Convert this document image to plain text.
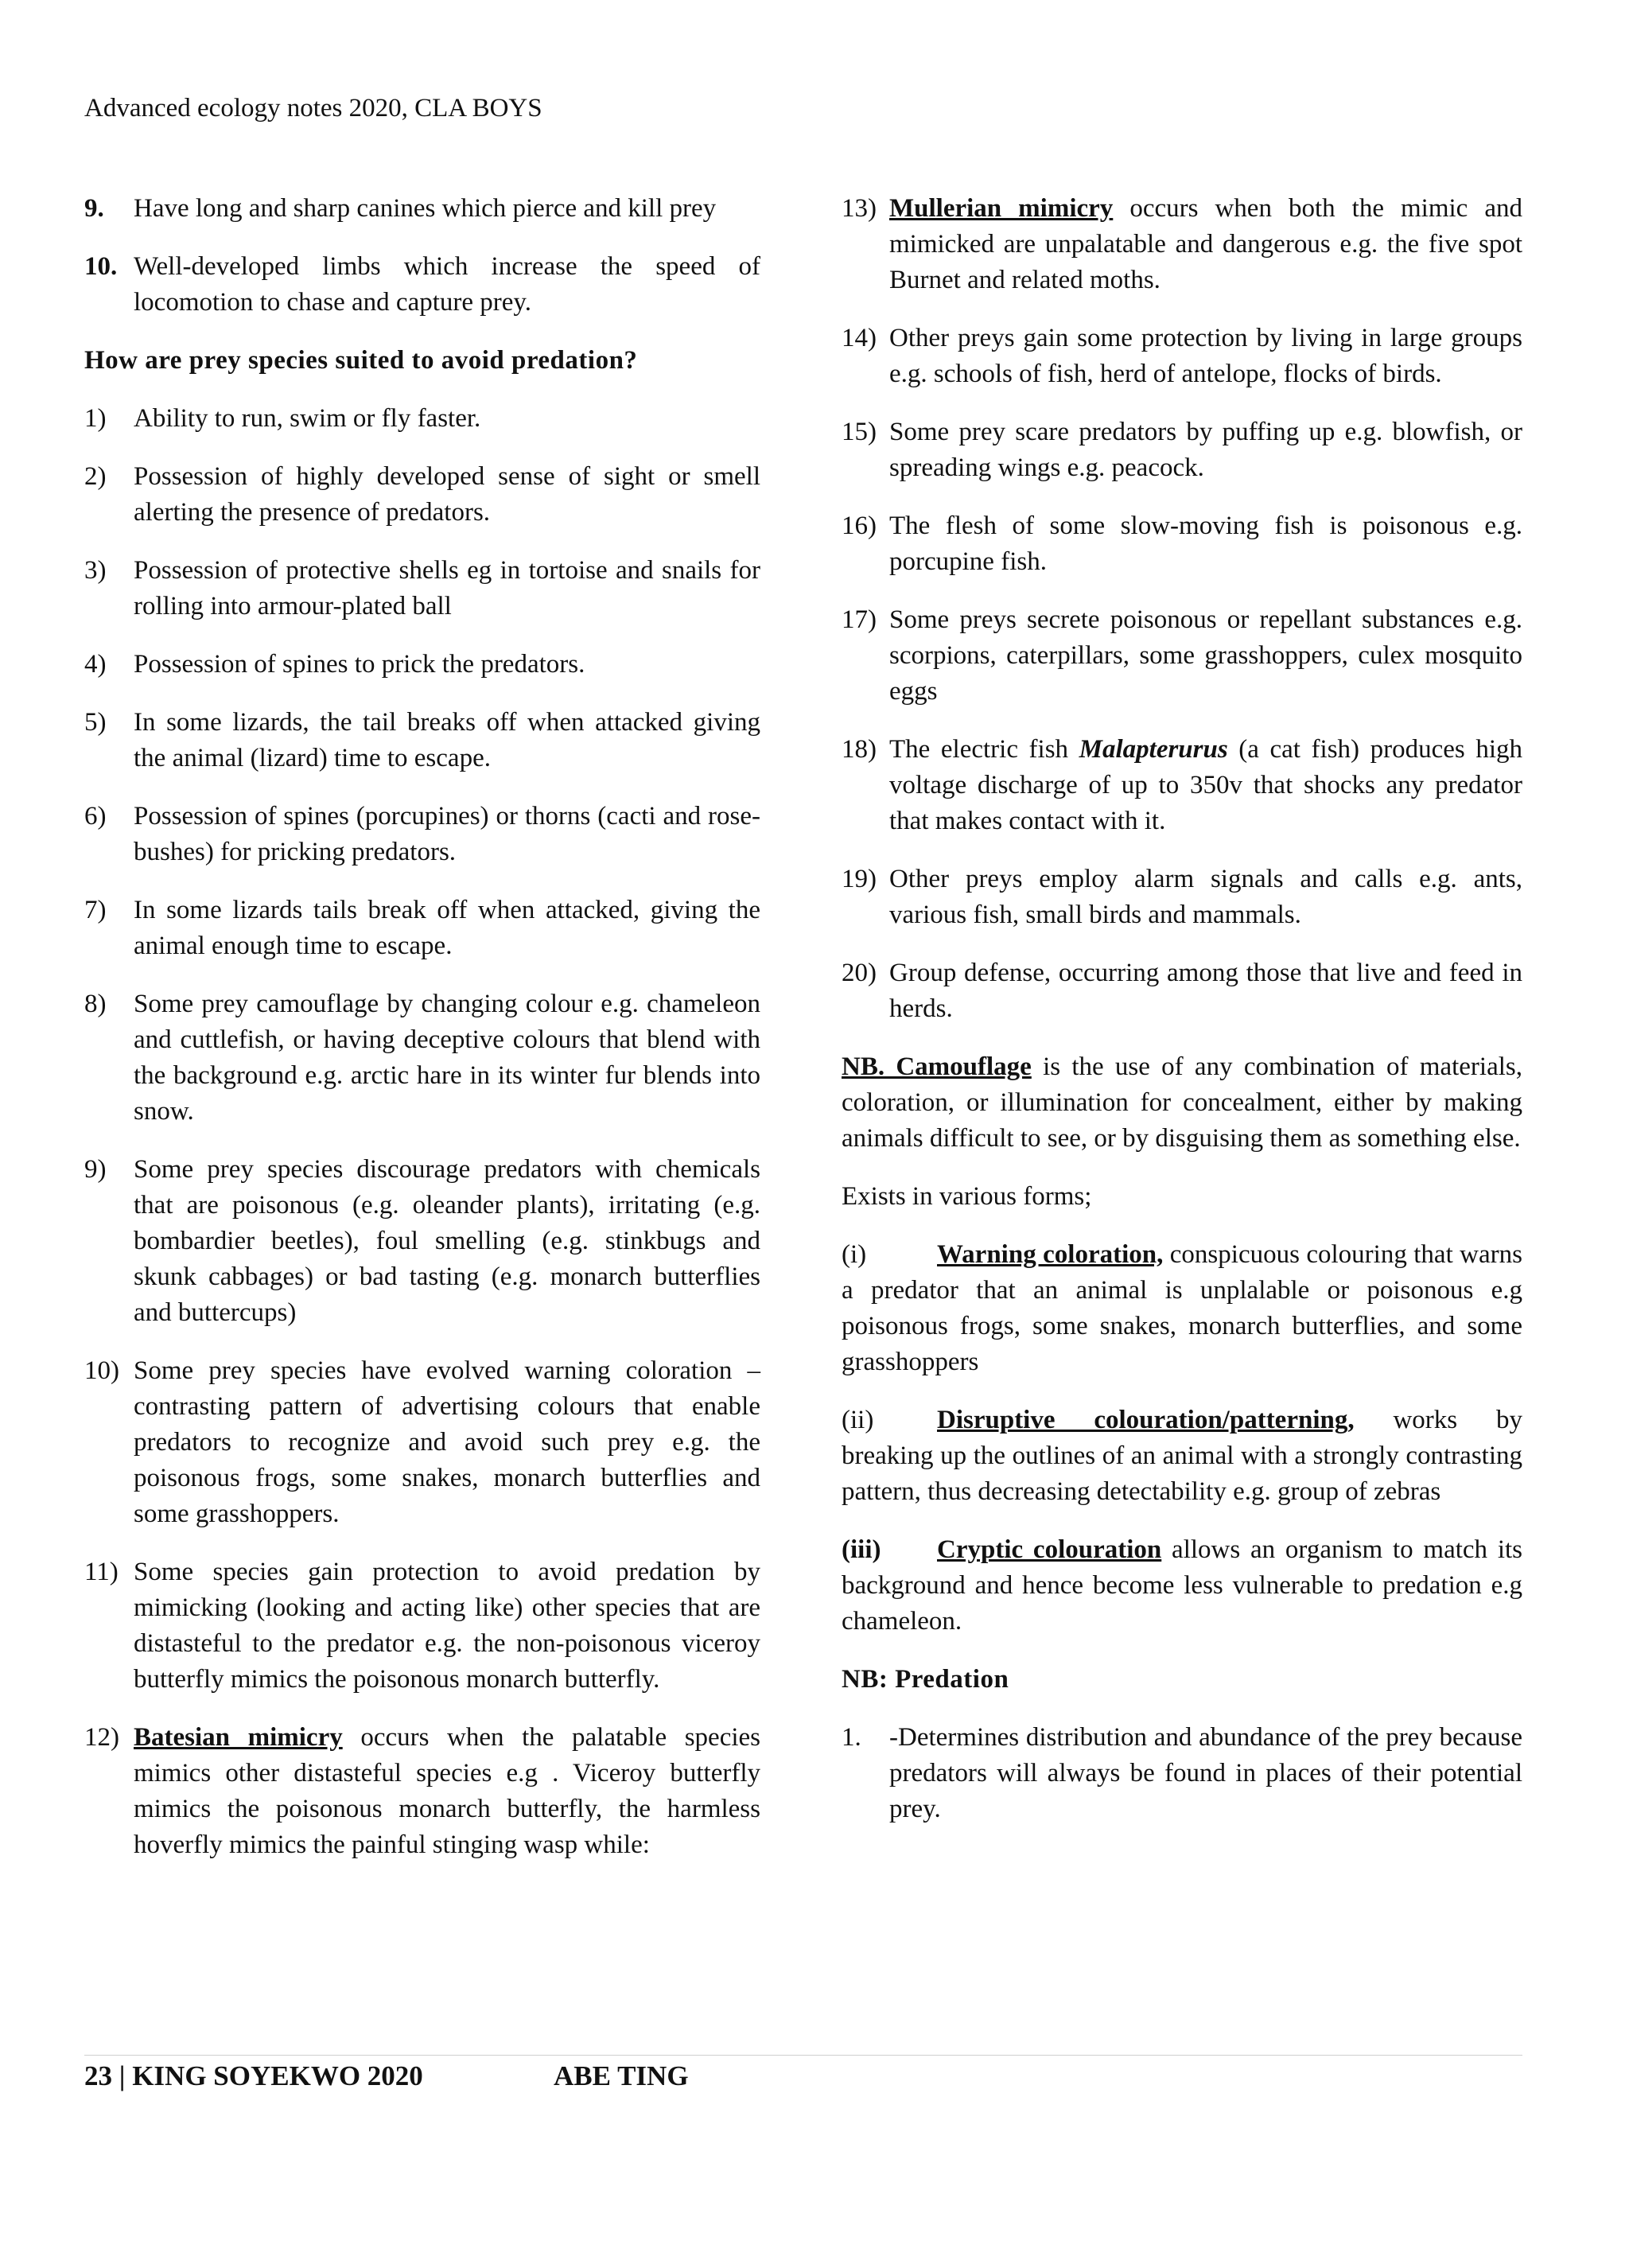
Advanced ecology notes 2020, CLA BOYS
9. Have long and sharp canines which pierce and kill prey
10. Well-developed limbs which increase the speed of locomotion to chase and capture prey.
How are prey species suited to avoid predation?
1) Ability to run, swim or fly faster.
2) Possession of highly developed sense of sight or smell alerting the presence of predators.
3) Possession of protective shells eg in tortoise and snails for rolling into armour-plated ball
4) Possession of spines to prick the predators.
5) In some lizards, the tail breaks off when attacked giving the animal (lizard) time to escape.
6) Possession of spines (porcupines) or thorns (cacti and rose-bushes) for pricking predators.
7) In some lizards tails break off when attacked, giving the animal enough time to escape.
8) Some prey camouflage by changing colour e.g. chameleon and cuttlefish, or having deceptive colours that blend with the background e.g. arctic hare in its winter fur blends into snow.
9) Some prey species discourage predators with chemicals that are poisonous (e.g. oleander plants), irritating (e.g. bombardier beetles), foul smelling (e.g. stinkbugs and skunk cabbages) or bad tasting (e.g. monarch butterflies and buttercups)
10) Some prey species have evolved warning coloration – contrasting pattern of advertising colours that enable predators to recognize and avoid such prey e.g. the poisonous frogs, some snakes, monarch butterflies and some grasshoppers.
11) Some species gain protection to avoid predation by mimicking (looking and acting like) other species that are distasteful to the predator e.g. the non-poisonous viceroy butterfly mimics the poisonous monarch butterfly.
12) Batesian mimicry occurs when the palatable species mimics other distasteful species e.g . Viceroy butterfly mimics the poisonous monarch butterfly, the harmless hoverfly mimics the painful stinging wasp while:
13) Mullerian mimicry occurs when both the mimic and mimicked are unpalatable and dangerous e.g. the five spot Burnet and related moths.
14) Other preys gain some protection by living in large groups e.g. schools of fish, herd of antelope, flocks of birds.
15) Some prey scare predators by puffing up e.g. blowfish, or spreading wings e.g. peacock.
16) The flesh of some slow-moving fish is poisonous e.g. porcupine fish.
17) Some preys secrete poisonous or repellant substances e.g. scorpions, caterpillars, some grasshoppers, culex mosquito eggs
18) The electric fish Malapterurus (a cat fish) produces high voltage discharge of up to 350v that shocks any predator that makes contact with it.
19) Other preys employ alarm signals and calls e.g. ants, various fish, small birds and mammals.
20) Group defense, occurring among those that live and feed in herds.
NB. Camouflage is the use of any combination of materials, coloration, or illumination for concealment, either by making animals difficult to see, or by disguising them as something else.
Exists in various forms;
(i)	Warning coloration, conspicuous colouring that warns a predator that an animal is unplalable or poisonous e.g poisonous frogs, some snakes, monarch butterflies, and some grasshoppers
(ii) Disruptive colouration/patterning, works by breaking up the outlines of an animal with a strongly contrasting pattern, thus decreasing detectability e.g. group of zebras
(iii) Cryptic colouration allows an organism to match its background and hence become less vulnerable to predation e.g chameleon.
NB: Predation
1. -Determines distribution and abundance of the prey because predators will always be found in places of their potential prey.
23 | KING SOYEKWO 2020	ABE TING
